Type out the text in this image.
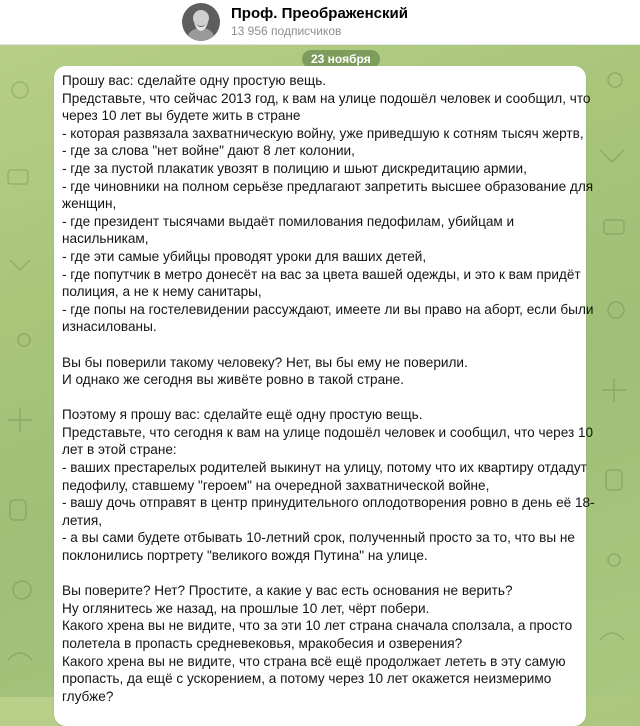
Проф. Преображенский
13 956 подписчиков
23 ноября
Прошу вас: сделайте одну простую вещь.
Представьте, что сейчас 2013 год, к вам на улице подошёл человек и сообщил, что
через 10 лет вы будете жить в стране
- которая развязала захватническую войну, уже приведшую к сотням тысяч жертв,
- где за слова "нет войне" дают 8 лет колонии,
- где за пустой плакатик увозят в полицию и шьют дискредитацию армии,
- где чиновники на полном серьёзе предлагают запретить высшее образование для
женщин,
- где президент тысячами выдаёт помилования педофилам, убийцам и
насильникам,
- где эти самые убийцы проводят уроки для ваших детей,
- где попутчик в метро донесёт на вас за цвета вашей одежды, и это к вам придёт
полиция, а не к нему санитары,
- где попы на гостелевидении рассуждают, имеете ли вы право на аборт, если были
изнасилованы.
Вы бы поверили такому человеку? Нет, вы бы ему не поверили.
И однако же сегодня вы живёте ровно в такой стране.
Поэтому я прошу вас: сделайте ещё одну простую вещь.
Представьте, что сегодня к вам на улице подошёл человек и сообщил, что через 10
лет в этой стране:
- ваших престарелых родителей выкинут на улицу, потому что их квартиру отдадут
педофилу, ставшему "героем" на очередной захватнической войне,
- вашу дочь отправят в центр принудительного оплодотворения ровно в день её 18-
летия,
- а вы сами будете отбывать 10-летний срок, полученный просто за то, что вы не
поклонились портрету "великого вождя Путина" на улице.
Вы поверите? Нет? Простите, а какие у вас есть основания не верить?
Ну оглянитесь же назад, на прошлые 10 лет, чёрт побери.
Какого хрена вы не видите, что за эти 10 лет страна сначала сползала, а просто
полетела в пропасть средневековья, мракобесия и озверения?
Какого хрена вы не видите, что страна всё ещё продолжает лететь в эту самую
пропасть, да ещё с ускорением, а потому через 10 лет окажется неизмеримо
глубже?
